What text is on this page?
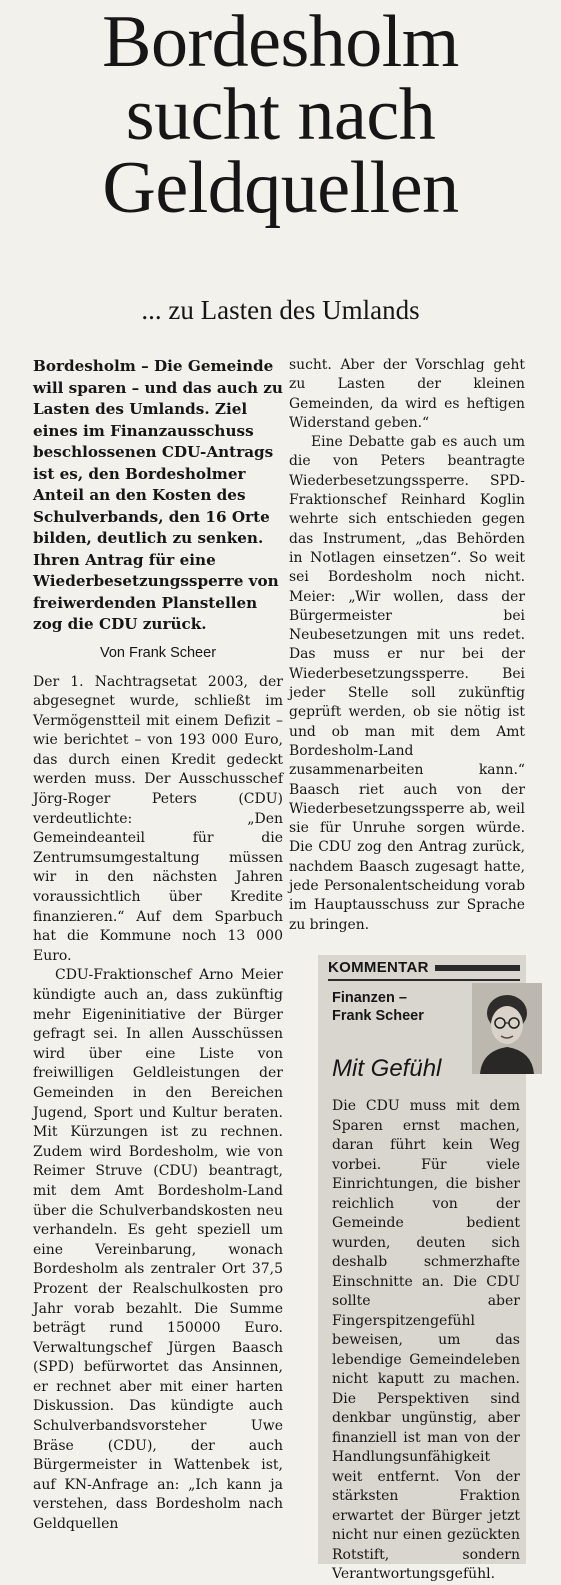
Bordesholm
sucht nach
Geldquellen
... zu Lasten des Umlands

Bordesholm – Die Gemeinde will sparen – und das auch zu Lasten des Umlands. Ziel eines im Finanzausschuss beschlossenen CDU-Antrags ist es, den Bordesholmer Anteil an den Kosten des Schulverbands, den 16 Orte bilden, deutlich zu senken. Ihren Antrag für eine Wiederbesetzungssperre von freiwerdenden Planstellen zog die CDU zurück.

Von Frank Scheer

Der 1. Nachtragsetat 2003, der abgesegnet wurde, schließt im Vermögenstteil mit einem Defizit – wie berichtet – von 193 000 Euro, das durch einen Kredit gedeckt werden muss. Der Ausschusschef Jörg-Roger Peters (CDU) verdeutlichte: „Den Gemeindeanteil für die Zentrumsumgestaltung müssen wir in den nächsten Jahren voraussichtlich über Kredite finanzieren.“ Auf dem Sparbuch hat die Kommune noch 13 000 Euro.

CDU-Fraktionschef Arno Meier kündigte auch an, dass zukünftig mehr Eigeninitiative der Bürger gefragt sei. In allen Ausschüssen wird über eine Liste von freiwilligen Geldleistungen der Gemeinden in den Bereichen Jugend, Sport und Kultur beraten. Mit Kürzungen ist zu rechnen. Zudem wird Bordesholm, wie von Reimer Struve (CDU) beantragt, mit dem Amt Bordesholm-Land über die Schulverbandskosten neu verhandeln. Es geht speziell um eine Vereinbarung, wonach Bordesholm als zentraler Ort 37,5 Prozent der Realschulkosten pro Jahr vorab bezahlt. Die Summe beträgt rund 150000 Euro. Verwaltungschef Jürgen Baasch (SPD) befürwortet das Ansinnen, er rechnet aber mit einer harten Diskussion. Das kündigte auch Schulverbandsvorsteher Uwe Bräse (CDU), der auch Bürgermeister in Wattenbek ist, auf KN-Anfrage an: „Ich kann ja verstehen, dass Bordesholm nach Geldquellen

sucht. Aber der Vorschlag geht zu Lasten der kleinen Gemeinden, da wird es heftigen Widerstand geben.“

Eine Debatte gab es auch um die von Peters beantragte Wiederbesetzungssperre. SPD-Fraktionschef Reinhard Koglin wehrte sich entschieden gegen das Instrument, „das Behörden in Notlagen einsetzen“. So weit sei Bordesholm noch nicht. Meier: „Wir wollen, dass der Bürgermeister bei Neubesetzungen mit uns redet. Das muss er nur bei der Wiederbesetzungssperre. Bei jeder Stelle soll zukünftig geprüft werden, ob sie nötig ist und ob man mit dem Amt Bordesholm-Land zusammenarbeiten kann.“ Baasch riet auch von der Wiederbesetzungssperre ab, weil sie für Unruhe sorgen würde. Die CDU zog den Antrag zurück, nachdem Baasch zugesagt hatte, jede Personalentscheidung vorab im Hauptausschuss zur Sprache zu bringen.

KOMMENTAR
Finanzen –
Frank Scheer
Mit Gefühl

Die CDU muss mit dem Sparen ernst machen, daran führt kein Weg vorbei. Für viele Einrichtungen, die bisher reichlich von der Gemeinde bedient wurden, deuten sich deshalb schmerzhafte Einschnitte an. Die CDU sollte aber Fingerspitzengefühl beweisen, um das lebendige Gemeindeleben nicht kaputt zu machen. Die Perspektiven sind denkbar ungünstig, aber finanziell ist man von der Handlungsunfähigkeit weit entfernt. Von der stärksten Fraktion erwartet der Bürger jetzt nicht nur einen gezückten Rotstift, sondern Verantwortungsgefühl.
